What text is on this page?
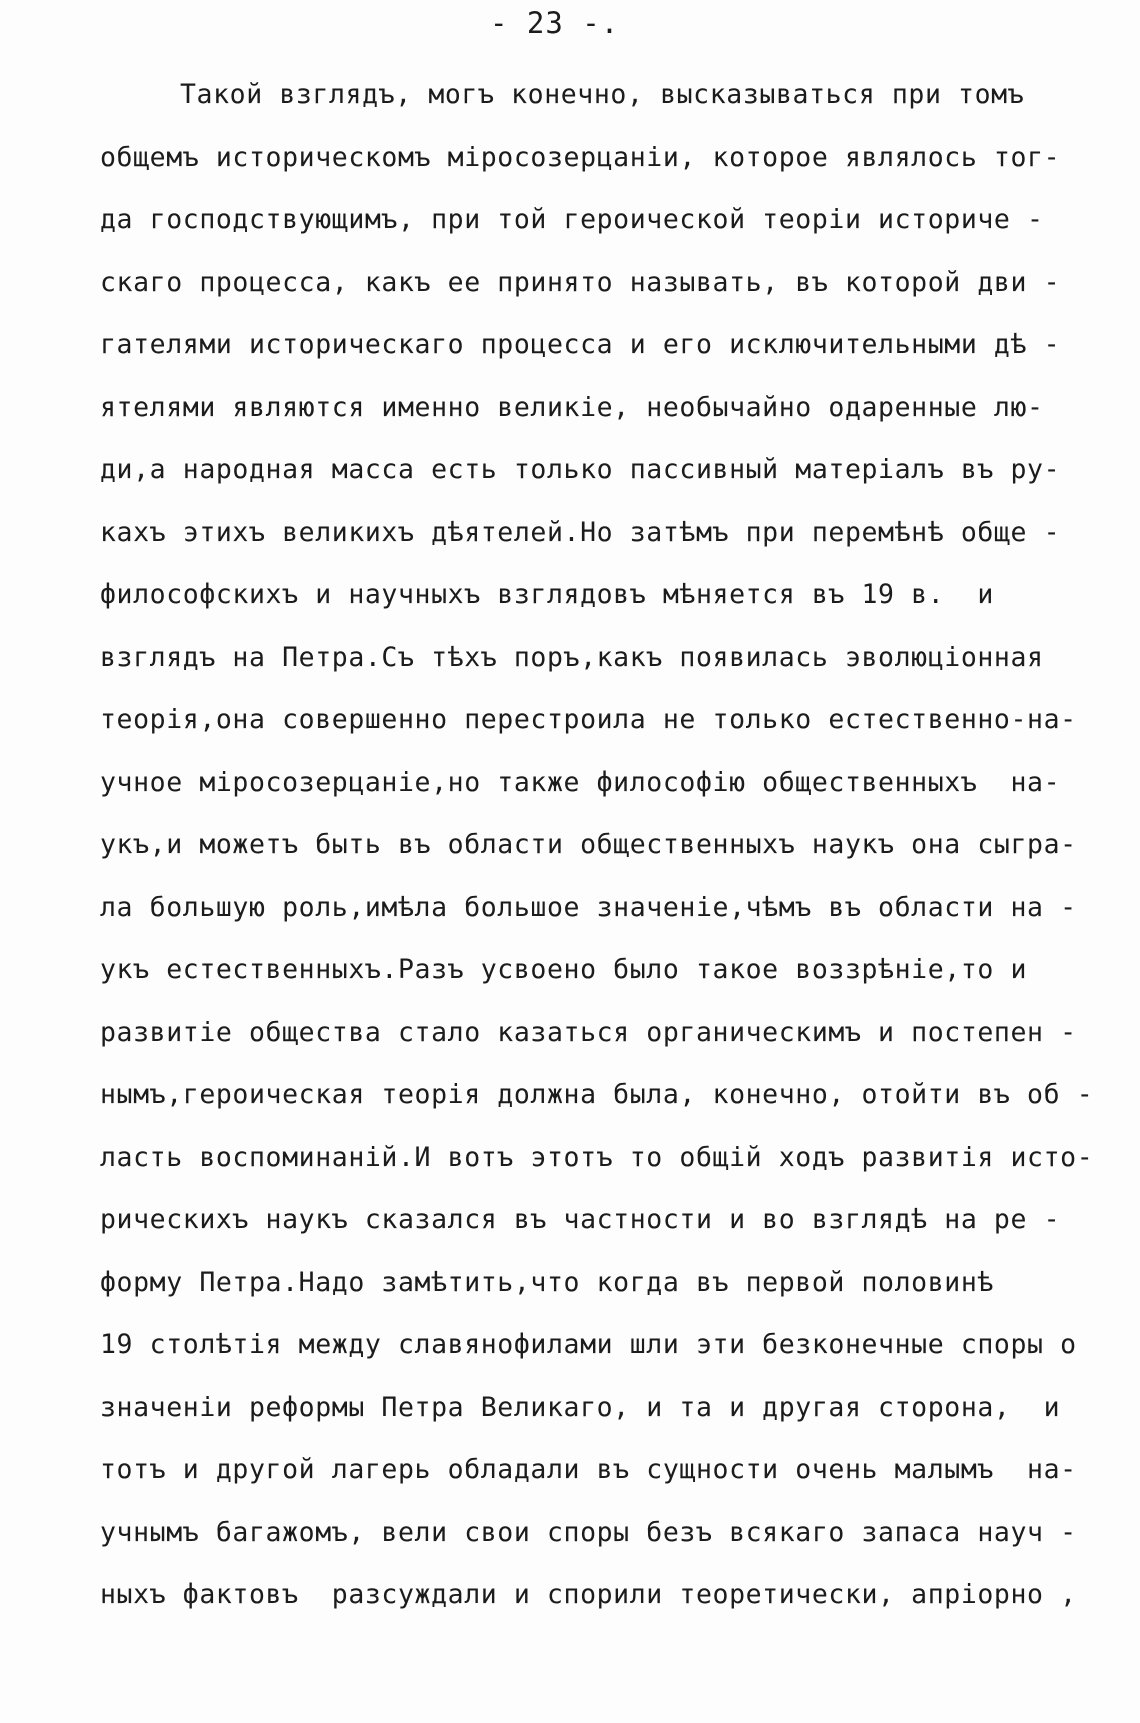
- 23 -.
Такой взглядъ, могъ конечно, высказываться при томъ
общемъ историческомъ міросозерцаніи, которое являлось тог-
да господствующимъ, при той героической теоріи историче -
скаго процесса, какъ ее принято называть, въ которой дви -
гателями историческаго процесса и его исключительными дѣ -
ятелями являются именно великіе, необычайно одаренные лю-
ди,а народная масса есть только пассивный матеріалъ въ ру-
кахъ этихъ великихъ дѣятелей.Но затѣмъ при перемѣнѣ обще -
философскихъ и научныхъ взглядовъ мѣняется въ 19 в.  и
взглядъ на Петра.Съ тѣхъ поръ,какъ появилась эволюціонная
теорія,она совершенно перестроила не только естественно-на-
учное міросозерцаніе,но также философію общественныхъ  на-
укъ,и можетъ быть въ области общественныхъ наукъ она сыгра-
ла большую роль,имѣла большое значеніе,чѣмъ въ области на -
укъ естественныхъ.Разъ усвоено было такое воззрѣніе,то и
развитіе общества стало казаться органическимъ и постепен -
нымъ,героическая теорія должна была, конечно, отойти въ об -
ласть воспоминаній.И вотъ этотъ то общій ходъ развитія исто-
рическихъ наукъ сказался въ частности и во взглядѣ на ре -
форму Петра.Надо замѣтить,что когда въ первой половинѣ
19 столѣтія между славянофилами шли эти безконечные споры о
значеніи реформы Петра Великаго, и та и другая сторона,  и
тотъ и другой лагерь обладали въ сущности очень малымъ  на-
учнымъ багажомъ, вели свои споры безъ всякаго запаса науч -
ныхъ фактовъ  разсуждали и спорили теоретически, апріорно ,
